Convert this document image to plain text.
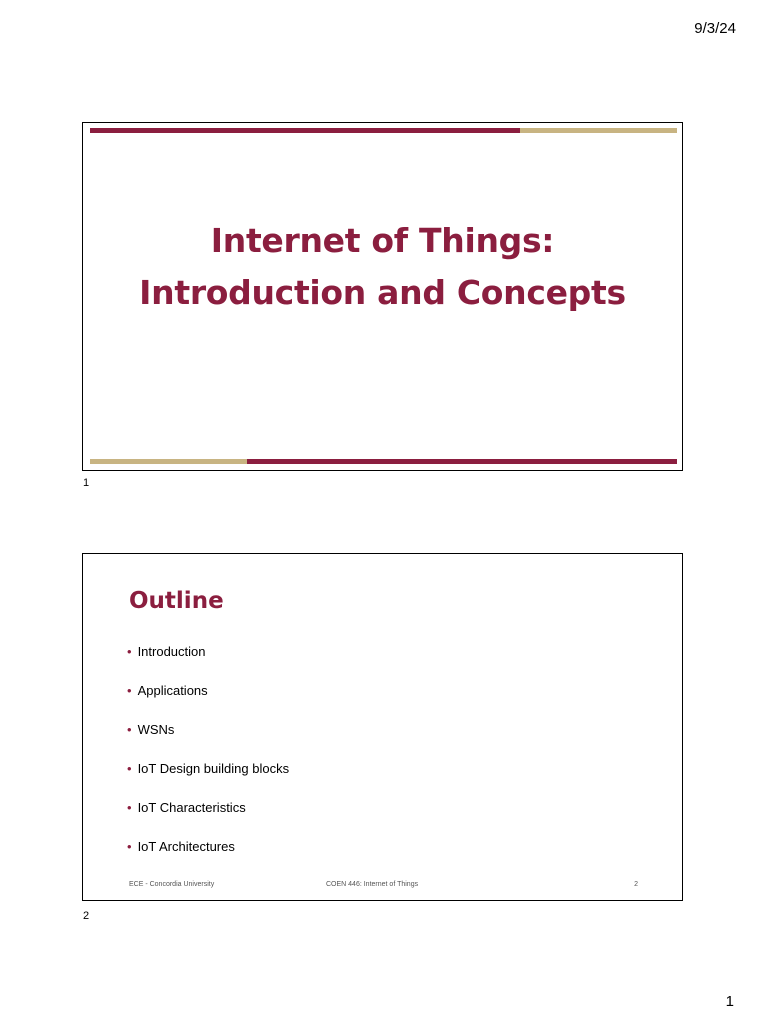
9/3/24
Internet of Things:
Introduction and Concepts
1
Outline
• Introduction
• Applications
• WSNs
• IoT Design building blocks
• IoT Characteristics
• IoT Architectures
ECE - Concordia University	COEN 446: Internet of Things	2
2
1
